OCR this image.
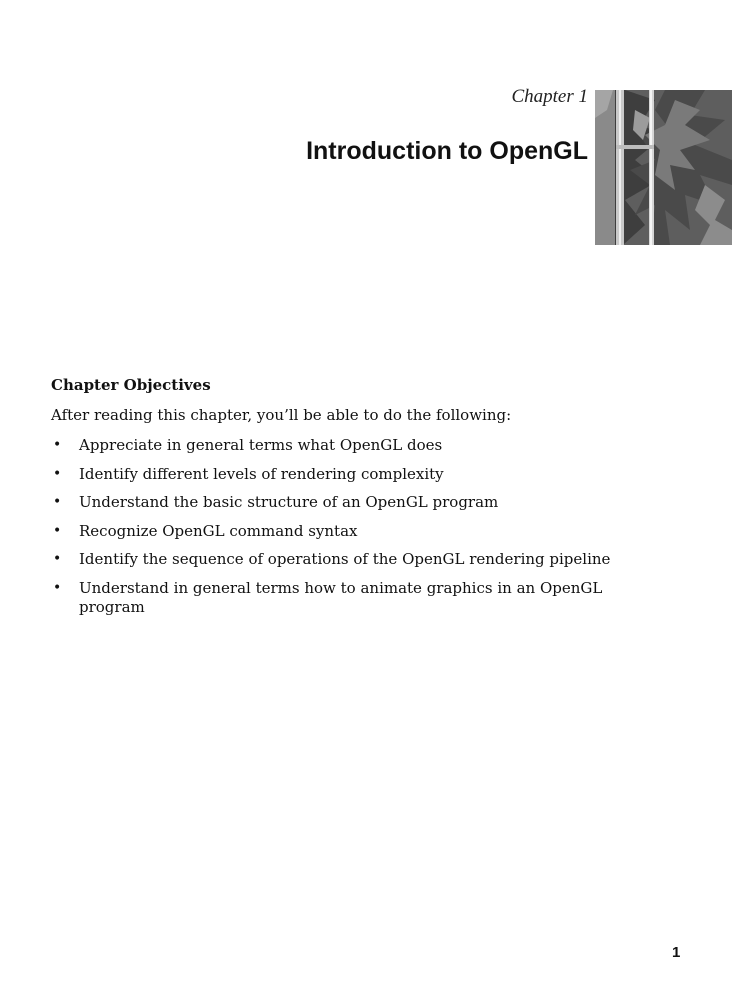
Chapter 1
Introduction to OpenGL
Chapter Objectives
After reading this chapter, you’ll be able to do the following:
• Appreciate in general terms what OpenGL does
• Identify different levels of rendering complexity
• Understand the basic structure of an OpenGL program
• Recognize OpenGL command syntax
• Identify the sequence of operations of the OpenGL rendering pipeline
• Understand in general terms how to animate graphics in an OpenGL program
1
